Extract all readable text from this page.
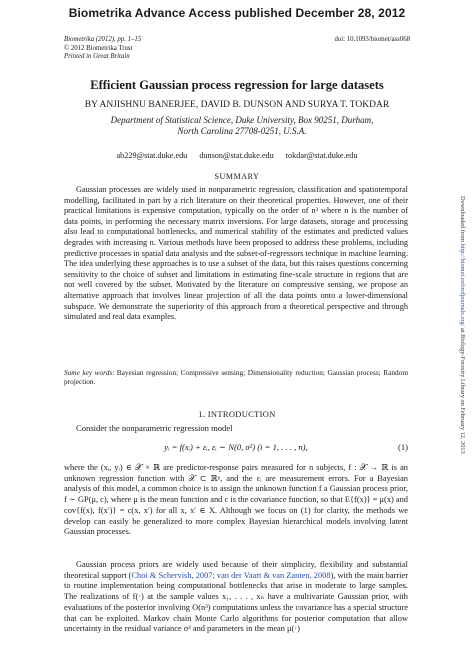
Biometrika Advance Access published December 28, 2012
Biometrika (2012), pp. 1–15
© 2012 Biometrika Trust
Printed in Great Britain
doi: 10.1093/biomet/ass068
Efficient Gaussian process regression for large datasets
BY ANJISHNU BANERJEE, DAVID B. DUNSON AND SURYA T. TOKDAR
Department of Statistical Science, Duke University, Box 90251, Durham, North Carolina 27708-0251, U.S.A.
ab229@stat.duke.edu dunson@stat.duke.edu tokdar@stat.duke.edu
SUMMARY
Gaussian processes are widely used in nonparametric regression, classification and spatiotemporal modelling, facilitated in part by a rich literature on their theoretical properties. However, one of their practical limitations is expensive computation, typically on the order of n³ where n is the number of data points, in performing the necessary matrix inversions. For large datasets, storage and processing also lead to computational bottlenecks, and numerical stability of the estimates and predicted values degrades with increasing n. Various methods have been proposed to address these problems, including predictive processes in spatial data analysis and the subset-of-regressors technique in machine learning. The idea underlying these approaches is to use a subset of the data, but this raises questions concerning sensitivity to the choice of subset and limitations in estimating fine-scale structure in regions that are not well covered by the subset. Motivated by the literature on compressive sensing, we propose an alternative approach that involves linear projection of all the data points onto a lower-dimensional subspace. We demonstrate the superiority of this approach from a theoretical perspective and through simulated and real data examples.
Some key words: Bayesian regression; Compressive sensing; Dimensionality reduction; Gaussian process; Random projection.
1. INTRODUCTION
Consider the nonparametric regression model
yᵢ = f(xᵢ) + εᵢ, εᵢ ∼ N(0, σ²) (i = 1, . . . , n),	(1)
where the (xᵢ, yᵢ) ∈ 𝒳 × ℝ are predictor-response pairs measured for n subjects, f : 𝒳 → ℝ is an unknown regression function with 𝒳 ⊂ ℝᵖ, and the εᵢ are measurement errors. For a Bayesian analysis of this model, a common choice is to assign the unknown function f a Gaussian process prior, f ∼ GP(μ, c), where μ is the mean function and c is the covariance function, so that E{f(x)} = μ(x) and cov{f(x), f(x′)} = c(x, x′) for all x, x′ ∈ X. Although we focus on (1) for clarity, the methods we develop can easily be generalized to more complex Bayesian hierarchical models involving latent Gaussian processes.
Gaussian process priors are widely used because of their simplicity, flexibility and substantial theoretical support (Choi & Schervish, 2007; van der Vaart & van Zanten, 2008), with the main barrier to routine implementation being computational bottlenecks that arise in moderate to large samples. The realizations of f(·) at the sample values x₁, . . . , xₙ have a multivariate Gaussian prior, with evaluations of the posterior involving O(n³) computations unless the covariance has a special structure that can be exploited. Markov chain Monte Carlo algorithms for posterior computation that allow uncertainty in the residual variance σ² and parameters in the mean μ(·)
Downloaded from http://biomet.oxfordjournals.org/ at Biology-Forestry Library on February 12, 2013
